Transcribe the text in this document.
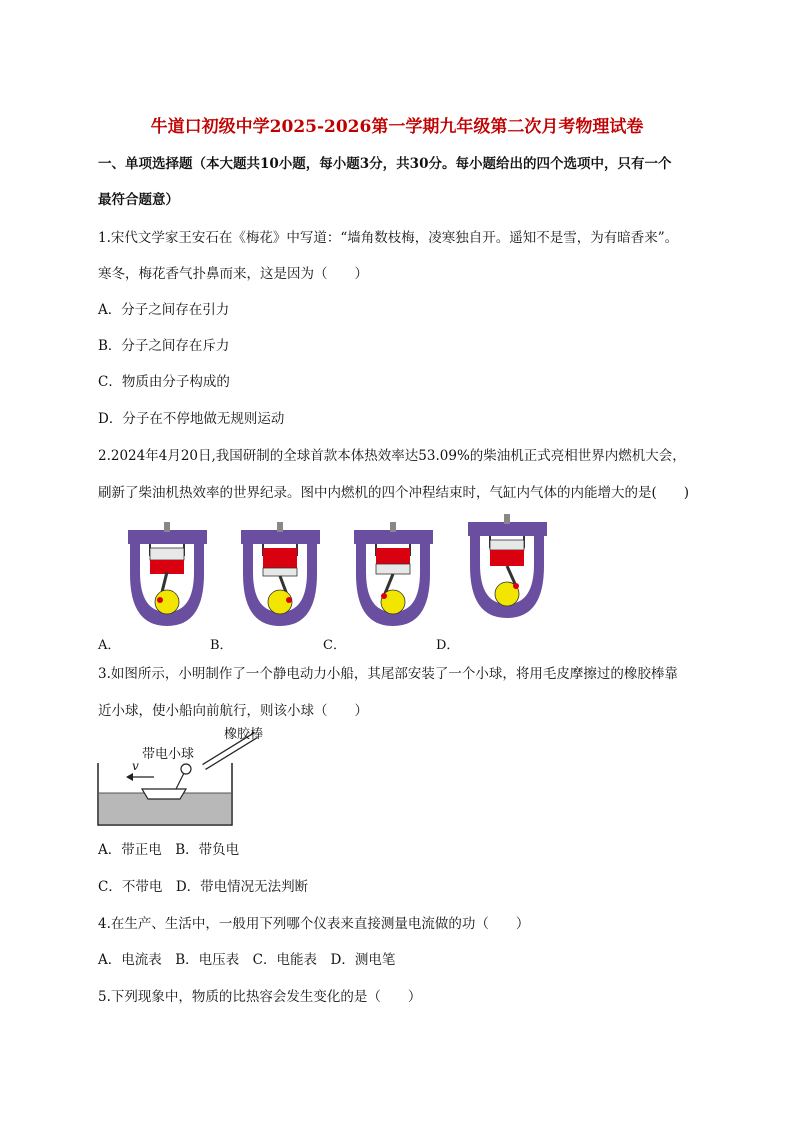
牛道口初级中学2025-2026第一学期九年级第二次月考物理试卷
一、单项选择题（本大题共10小题，每小题3分，共30分。每小题给出的四个选项中，只有一个
最符合题意）
1.宋代文学家王安石在《梅花》中写道：“墙角数枝梅，凌寒独自开。遥知不是雪，为有暗香来”。
寒冬，梅花香气扑鼻而来，这是因为（　　）
A．分子之间存在引力
B．分子之间存在斥力
C．物质由分子构成的
D．分子在不停地做无规则运动
2.2024年4月20日,我国研制的全球首款本体热效率达53.09%的柴油机正式亮相世界内燃机大会，
刷新了柴油机热效率的世界纪录。图中内燃机的四个冲程结束时，气缸内气体的内能增大的是(　　)
A．	B．	C．	D．
3.如图所示，小明制作了一个静电动力小船，其尾部安装了一个小球，将用毛皮摩擦过的橡胶棒靠
近小球，使小船向前航行，则该小球（　　）
橡胶棒
带电小球
v
A．带正电　B．带负电
C．不带电　D．带电情况无法判断
4.在生产、生活中，一般用下列哪个仪表来直接测量电流做的功（　　）
A．电流表　B．电压表　C．电能表　D．测电笔
5.下列现象中，物质的比热容会发生变化的是（　　）
